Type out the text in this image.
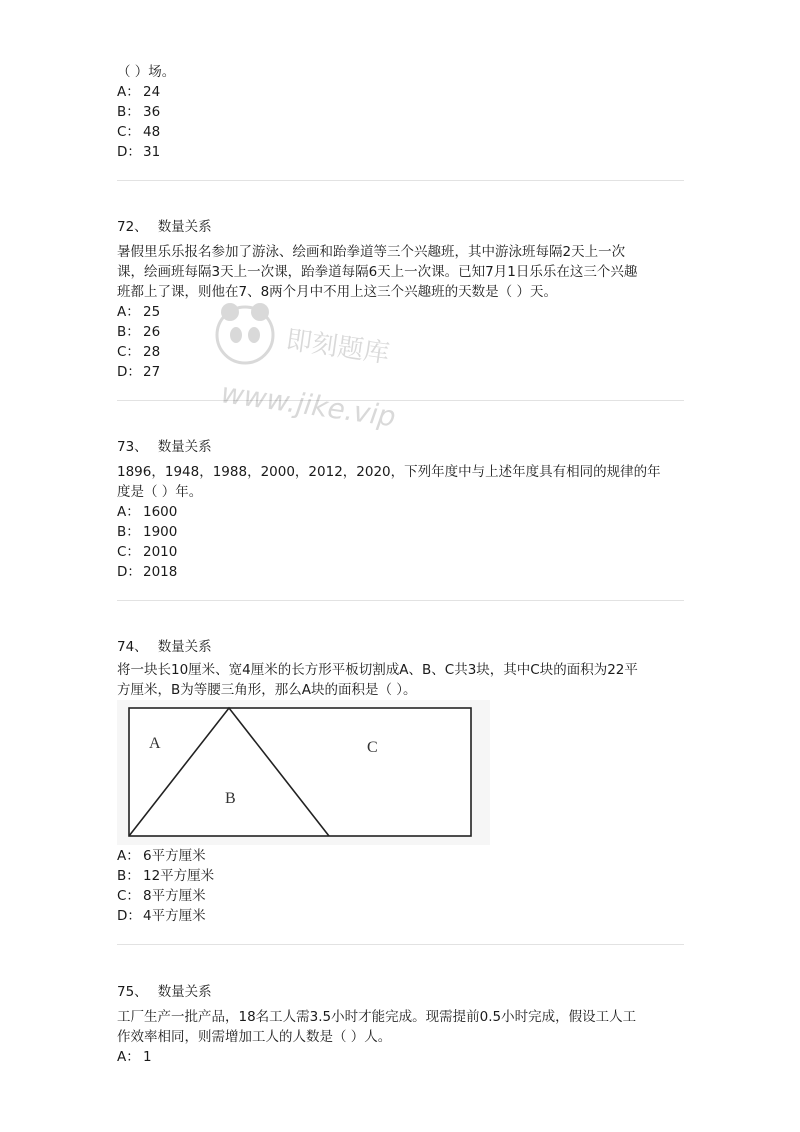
（ ）场。
A： 24
B： 36
C： 48
D： 31
72、 数量关系
暑假里乐乐报名参加了游泳、绘画和跆拳道等三个兴趣班，其中游泳班每隔2天上一次
课，绘画班每隔3天上一次课，跆拳道每隔6天上一次课。已知7月1日乐乐在这三个兴趣
班都上了课，则他在7、8两个月中不用上这三个兴趣班的天数是（ ）天。
A： 25
B： 26
C： 28
D： 27
73、 数量关系
1896，1948，1988，2000，2012，2020，下列年度中与上述年度具有相同的规律的年
度是（ ）年。
A： 1600
B： 1900
C： 2010
D： 2018
74、 数量关系
将一块长10厘米、宽4厘米的长方形平板切割成A、B、C共3块，其中C块的面积为22平
方厘米，B为等腰三角形，那么A块的面积是（ ）。
A
B
C
A： 6平方厘米
B： 12平方厘米
C： 8平方厘米
D： 4平方厘米
75、 数量关系
工厂生产一批产品，18名工人需3.5小时才能完成。现需提前0.5小时完成，假设工人工
作效率相同，则需增加工人的人数是（ ）人。
A： 1
即刻题库
www.jike.vip
